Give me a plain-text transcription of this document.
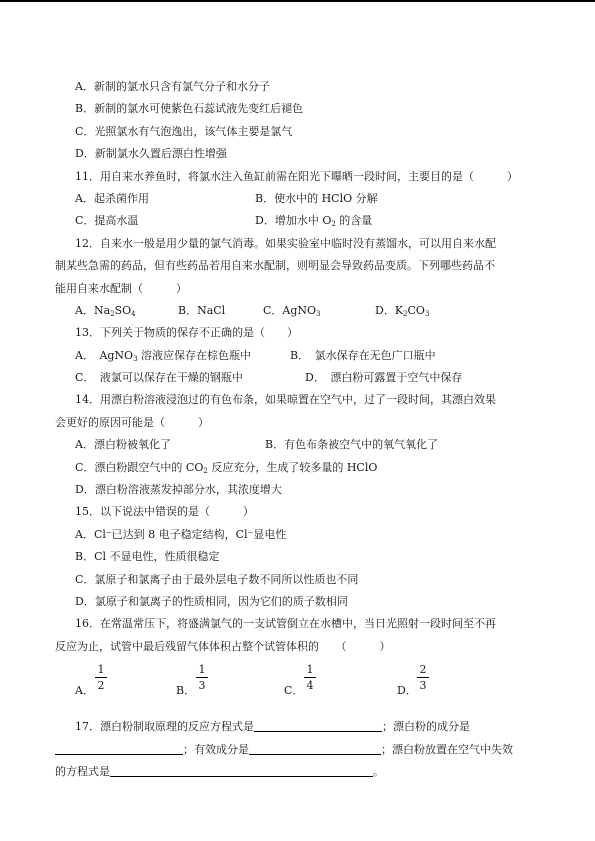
A．新制的氯水只含有氯气分子和水分子
B．新制的氯水可使紫色石蕊试液先变红后褪色
C．光照氯水有气泡逸出，该气体主要是氯气
D．新制氯水久置后漂白性增强
11．用自来水养鱼时，将氯水注入鱼缸前需在阳光下曝晒一段时间，主要目的是（　　　）
A．起杀菌作用	B．使水中的 HClO 分解
C．提高水温	D．增加水中 $O_2$ 的含量
12．自来水一般是用少量的氯气消毒。如果实验室中临时没有蒸馏水，可以用自来水配
制某些急需的药品，但有些药品若用自来水配制，则明显会导致药品变质。下列哪些药品不
能用自来水配制（　　　）
A．$Na_2SO_4$	B．NaCl	C．AgNO$_3$	D．$K_2CO_3$
13．下列关于物质的保存不正确的是（　　）
A．　AgNO$_3$ 溶液应保存在棕色瓶中	B．　氯水保存在无色广口瓶中
C．　液氯可以保存在干燥的钢瓶中	D．　漂白粉可露置于空气中保存
14．用漂白粉溶液浸泡过的有色布条，如果晾置在空气中，过了一段时间，其漂白效果
会更好的原因可能是（　　　）
A．漂白粉被氧化了	B．有色布条被空气中的氧气氧化了
C．漂白粉跟空气中的 $CO_2$ 反应充分，生成了较多量的 HClO
D．漂白粉溶液蒸发掉部分水，其浓度增大
15．以下说法中错误的是（　　　）
A．Cl⁻已达到 8 电子稳定结构，Cl⁻显电性
B．Cl 不显电性，性质很稳定
C．氯原子和氯离子由于最外层电子数不同所以性质也不同
D．氯原子和氯离子的性质相同，因为它们的质子数相同
16．在常温常压下，将盛满氯气的一支试管倒立在水槽中，当日光照射一段时间至不再
反应为止，试管中最后残留气体体积占整个试管体积的　　（　　　）
A．
1
2	B．
1
3	C．
1
4	D．
2
3
17．漂白粉制取原理的反应方程式是	；漂白粉的成分是
；有效成分是	；漂白粉放置在空气中失效
的方程式是	。
